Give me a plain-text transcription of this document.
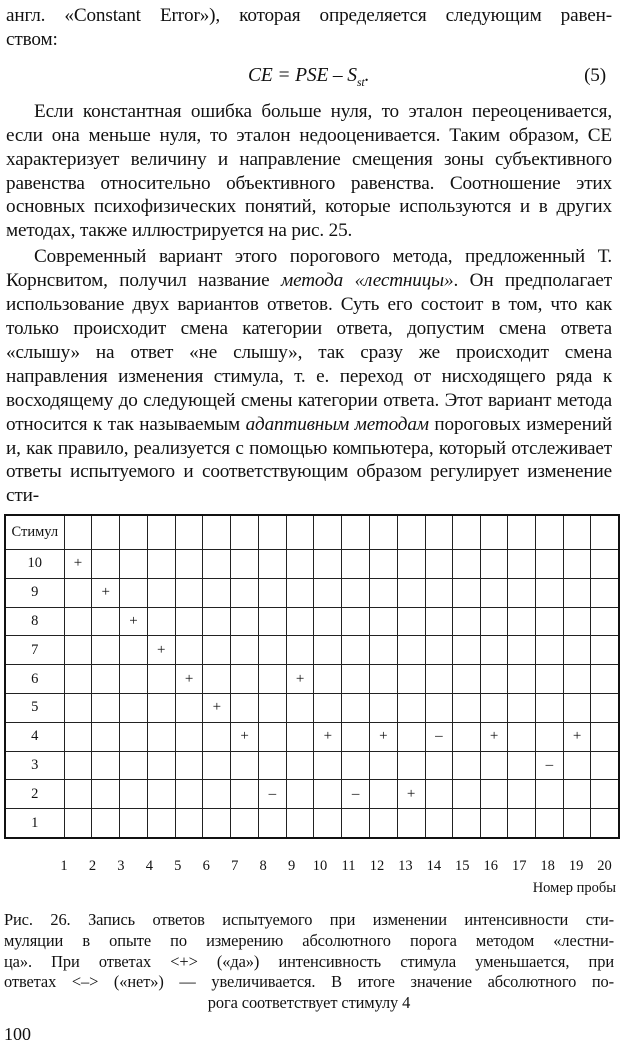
англ. «Constant Error»), которая определяется следующим равен-

ством:

CE = PSE – $S_{st}$.	(5)

Если константная ошибка больше нуля, то эталон переоценивается, если она меньше нуля, то эталон недооценивается. Таким образом, CE характеризует величину и направление смещения зоны субъективного равенства относительно объективного равенства. Соотношение этих основных психофизических понятий, которые используются и в других методах, также иллюстрируется на рис. 25.

Современный вариант этого порогового метода, предложенный Т. Корнсвитом, получил название метода «лестницы». Он предполагает использование двух вариантов ответов. Суть его состоит в том, что как только происходит смена категории ответа, допустим смена ответа «слышу» на ответ «не слышу», так сразу же происходит смена направления изменения стимула, т. е. переход от нисходящего ряда к восходящему до следующей смены категории ответа. Этот вариант метода относится к так называемым адаптивным методам пороговых измерений и, как правило, реализуется с помощью компьютера, который отслеживает ответы испытуемого и соответствующим образом регулирует изменение сти-

Стимул																				
10	+																			
9		+																		
8			+																	
7				+																
6					+				+											
5						+														
4							+			+		+		–		+			+	
3																		–		
2								–			–		+							
1																				
1 2 3 4 5 6 7 8 9 10 11 12 13 14 15 16 17 18 19 20
Номер пробы

Рис. 26. Запись ответов испытуемого при изменении интенсивности сти-

муляции в опыте по измерению абсолютного порога методом «лестни-

ца». При ответах <+> («да») интенсивность стимула уменьшается, при

ответах <–> («нет») — увеличивается. В итоге значение абсолютного по-

рога соответствует стимулу 4

100
